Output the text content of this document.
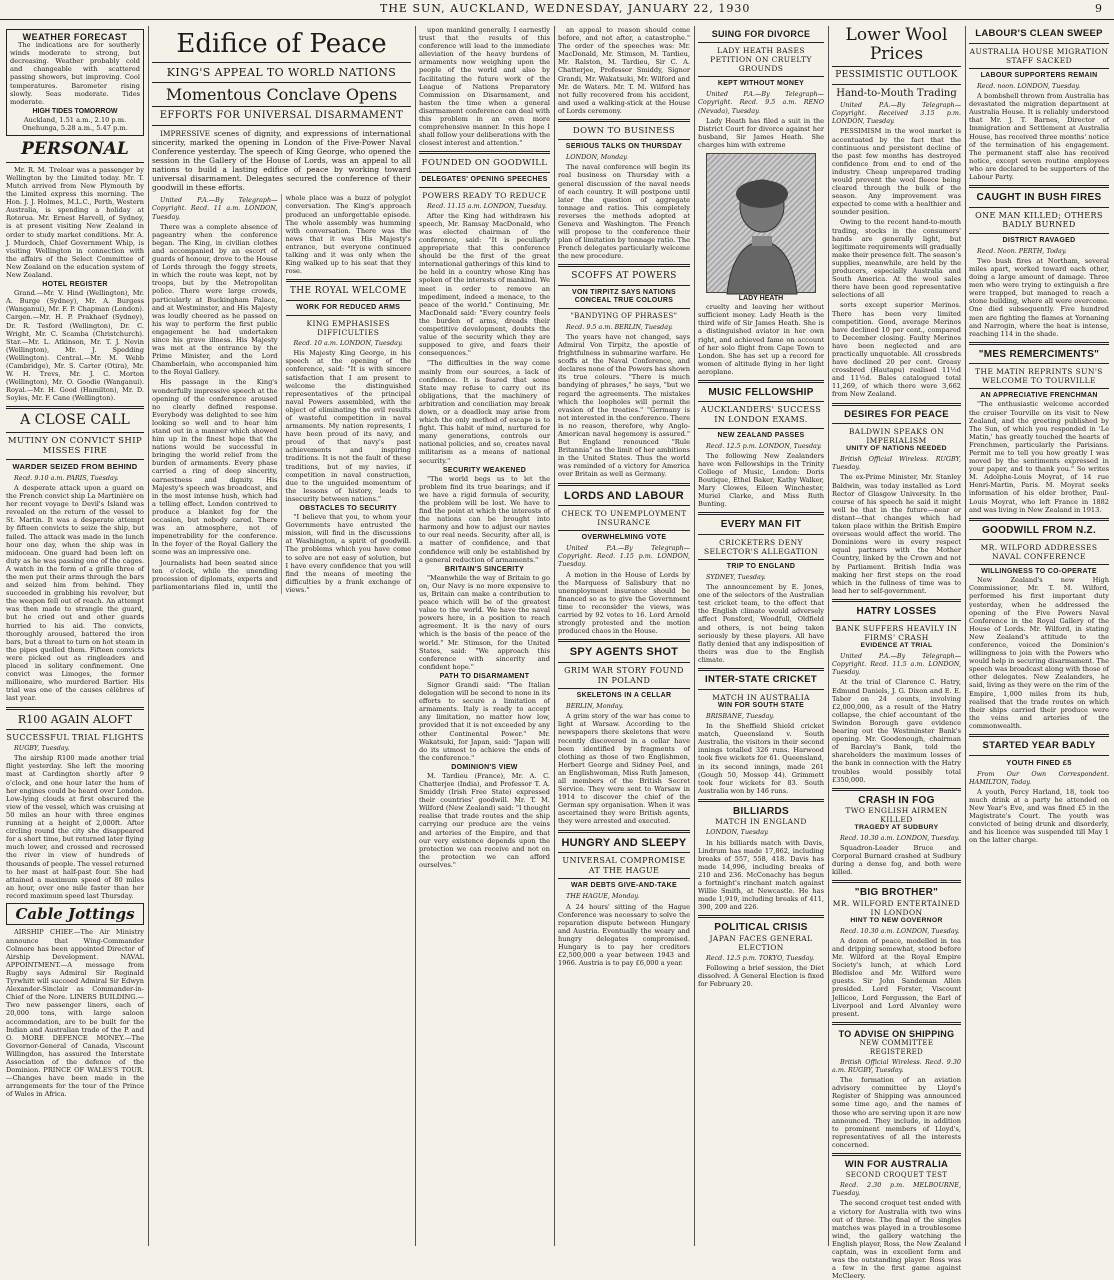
THE SUN, AUCKLAND, WEDNESDAY, JANUARY 22, 1930	9
WEATHER FORECAST

The indications are for southerly winds moderate to strong, but decreasing. Weather probably cold and changeable with scattered passing showers, but improving. Cool temperatures. Barometer rising slowly. Seas moderate. Tides moderate.

HIGH TIDES TOMORROW
Auckland, 1.51 a.m., 2.10 p.m.
Onehunga, 5.28 a.m., 5.47 p.m.
PERSONAL

Mr. R. M. Treloar was a passenger by Wellington by the Limited today. Mr. T. Mutch arrived from New Plymouth by the Limited express this morning. The Hon. J. J. Holmes, M.L.C., Perth, Western Australia, is spending a holiday at Rotorua. Mr. Ernest Harvell, of Sydney, is at present visiting New Zealand in order to study market conditions. Mr. A. J. Murdoch, Chief Government Whip, is visiting Wellington in connection with the affairs of the Select Committee of New Zealand on the education system of New Zealand.

HOTEL REGISTER

Grand.—Mr. V. Hind (Wellington), Mr. A. Burge (Sydney), Mr. A. Burgess (Wanganui), Mr. F. P. Chapman (London). Cargen.—Mr. H. P. Prakhaef (Sydney), Dr. R. Tesford (Wellington), Dr. C. Wright, Mr. C. Scamba (Christchurch). Star.—Mr. L. Atkinson, Mr. T. J. Nevin (Wellington), Mr. J. Spedding (Wellington). Central.—Mr. M. Webb (Cambridge), Mr. S. Carter (Otira), Mr. W. H. Trevs, Mr. J. C. Morton (Wellington), Mr. O. Goodie (Wanganui). Royal.—Mr. H. Good (Hamilton), Mr. D. Soyles, Mr. F. Cane (Wellington).

A CLOSE CALL
MUTINY ON CONVICT SHIP MISSES FIRE
WARDER SEIZED FROM BEHIND
Recd. 9.10 a.m. PARIS, Tuesday.

A desperate attack upon a guard on the French convict ship La Martinière on her recent voyage to Devil's Island was revealed on the return of the vessel to St. Martin. It was a desperate attempt by fifteen convicts to seize the ship, but failed. The attack was made in the lunch hour one day, when the ship was in midocean. One guard had been left on duty as he was passing one of the cages. A watch in the form of a grille three of the men put their arms through the bars and seized him from behind. They succeeded in grabbing his revolver, but the weapon fell out of reach. An attempt was then made to strangle the guard, but he cried out and other guards hurried to his aid. The convicts, thoroughly aroused, battered the iron bars, but a threat to turn on hot steam in the pipes quelled them. Fifteen convicts were picked out as ringleaders and placed in solitary confinement. One convict was Limoges, the former millionaire, who murdered Bartier. His trial was one of the causes célèbres of last year.

R100 AGAIN ALOFT
SUCCESSFUL TRIAL FLIGHTS
RUGBY, Tuesday.

The airship R100 made another trial flight yesterday. She left the mooring mast at Cardington shortly after 9 o'clock, and one hour later the hum of her engines could be heard over London. Low-lying clouds at first obscured the view of the vessel, which was cruising at 50 miles an hour with three engines running at a height of 2,000ft. After circling round the city she disappeared for a short time, but returned later flying much lower, and crossed and recrossed the river in view of hundreds of thousands of people. The vessel returned to her mast at half-past four. She had attained a maximum speed of 80 miles an hour, over one mile faster than her record maximum speed last Thursday.

Cable Jottings

AIRSHIP CHIEF.—The Air Ministry announce that Wing-Commander Colmore has been appointed Director of Airship Development. NAVAL APPOINTMENT.—A message from Rugby says Admiral Sir Reginald Tyrwhitt will succeed Admiral Sir Edwyn Alexander-Sinclair as Commander-in-Chief of the Nore. LINERS BUILDING.—Two new passenger liners, each of 20,000 tons, with large saloon accommodation, are to be built for the Indian and Australian trade of the P. and O. MORE DEFENCE MONEY.—The Governor-General of Canada, Viscount Willingdon, has assured the Interstate Association of the defence of the Dominion. PRINCE OF WALES'S TOUR.—Changes have been made in the arrangements for the tour of the Prince of Wales in Africa.

Edifice of Peace
KING'S APPEAL TO WORLD NATIONS
Momentous Conclave Opens
EFFORTS FOR UNIVERSAL DISARMAMENT

IMPRESSIVE scenes of dignity, and expressions of international sincerity, marked the opening in London of the Five-Power Naval Conference yesterday. The speech of King George, who opened the session in the Gallery of the House of Lords, was an appeal to all nations to build a lasting edifice of peace by working toward universal disarmament. Delegates secured the conference of their goodwill in these efforts.

United P.A.—By Telegraph—Copyright. Recd. 11 a.m. LONDON, Tuesday.

There was a complete absence of pageantry when the conference began. The King, in civilian clothes and accompanied by an escort of guards of honour, drove to the House of Lords through the foggy streets, in which the route was kept, not by troops, but by the Metropolitan police. There were large crowds, particularly at Buckingham Palace, and at Westminster, and His Majesty was loudly cheered as he passed on his way to perform the first public engagement he had undertaken since his grave illness. His Majesty was met at the entrance by the Prime Minister, and the Lord Chamberlain, who accompanied him to the Royal Gallery.

His passage in the King's wonderfully impressive speech at the opening of the conference aroused no clearly defined response. Everybody was delighted to see him looking so well and to hear him stand out in a manner which showed him up in the finest hope that the nations would be successful in bringing the world relief from the burden of armaments. Every phase carried a ring of deep sincerity, earnestness and dignity. His Majesty's speech was broadcast, and in the most intense hush, which had a telling effect. London contrived to produce a blanket fog for the occasion, but nobody cared. There was an atmosphere, not of impenetrability for the conference. In the foyer of the Royal Gallery the scene was an impressive one.

Journalists had been seated since ten o'clock, while the unending procession of diplomats, experts and parliamentarians filed in, until the whole place was a buzz of polyglot conversation. The King's approach produced an unforgettable episode. The whole assembly was humming with conversation. There was the news that it was His Majesty's entrance, but everyone continued talking and it was only when the King walked up to his seat that they rose.

THE ROYAL WELCOME
WORK FOR REDUCED ARMS
KING EMPHASISES DIFFICULTIES
Recd. 10 a.m. LONDON, Tuesday.

His Majesty King George, in his speech at the opening of the conference, said: "It is with sincere satisfaction that I am present to welcome the distinguished representatives of the principal naval Powers assembled, with the object of eliminating the evil results of wasteful competition in naval armaments. My nation represents, I have been proud of its navy, and proud of that navy's past achievements and inspiring traditions. It is not the fault of these traditions, but of my navies, if competition in naval construction, due to the unguided momentum of the lessons of history, leads to insecurity between nations."

OBSTACLES TO SECURITY

"I believe that you, to whom your Governments have entrusted the mission, will find in the discussions at Washington, a spirit of goodwill. The problems which you have come to solve are not easy of solution, but I have every confidence that you will find the means of meeting the difficulties by a frank exchange of views."

upon mankind generally. I earnestly trust that the results of this conference will lead to the immediate alleviation of the heavy burdens of armaments now weighing upon the people of the world and also by facilitating the future work of the League of Nations Preparatory Commission on Disarmament, and hasten the time when a general disarmament conference can deal with this problem in an even more comprehensive manner. In this hope I shall follow your deliberations with the closest interest and attention."

FOUNDED ON GOODWILL
DELEGATES' OPENING SPEECHES
POWERS READY TO REDUCE
Recd. 11.15 a.m. LONDON, Tuesday.

After the King had withdrawn his speech, Mr. Ramsay MacDonald, who was elected chairman of the conference, said: "It is peculiarly appropriate that this conference should be the first of the great international gatherings of this kind to be held in a country whose King has spoken of the interests of mankind. We meet in order to remove an impediment, indeed a menace, to the peace of the world." Continuing, Mr. MacDonald said: "Every country feels the burden of arms, dreads their competitive development, doubts the value of the security which they are supposed to give, and fears their consequences."

"The difficulties in the way come mainly from our sources, a lack of confidence. It is feared that some State may refuse to carry out its obligations, that the machinery of arbitration and conciliation may break down, or a deadlock may arise from which the only method of escape is to fight. This habit of mind, nurtured for many generations, controls our national policies, and so, creates naval militarism as a means of national security."

SECURITY WEAKENED

"The world begs us to let the problem find its true bearings; and if we have a rigid formula of security, the problem will be lost. We have to find the point at which the interests of the nations can be brought into harmony and how to adjust our navies to our real needs. Security, after all, is a matter of confidence, and that confidence will only be established by a general reduction of armaments."

BRITAIN'S SINCERITY

"Meanwhile the way of Britain to go on, Our Navy is no more expensive to us, Britain can make a contribution to peace which will be of the greatest value to the world. We have the naval powers here, in a position to reach agreement. It is the navy of ours which is the basis of the peace of the world." Mr. Stimson, for the United States, said: "We approach this conference with sincerity and confident hope."

PATH TO DISARMAMENT

Signor Grandi said: "The Italian delegation will be second to none in its efforts to secure a limitation of armaments. Italy is ready to accept any limitation, no matter how low, provided that it is not exceeded by any other Continental Power." Mr. Wakatsuki, for Japan, said: "Japan will do its utmost to achieve the ends of the conference."

DOMINION'S VIEW

M. Tardieu (France), Mr. A. C. Chatterjee (India), and Professor T. A. Smiddy (Irish Free State) expressed their countries' goodwill. Mr. T. M. Wilford (New Zealand) said: "I thought realise that trade routes and the ship carrying our produce are the veins and arteries of the Empire, and that our very existence depends upon the protection we can receive and not on the protection we can afford ourselves."

an appeal to reason should come before, and not after, a catastrophe." The order of the speeches was: Mr. MacDonald, Mr. Stimson, M. Tardieu, Mr. Ralston, M. Tardieu, Sir C. A. Chatterjee, Professor Smiddy, Signor Grandi, Mr. Wakatsuki, Mr. Wilford and Mr. de Waters. Mr. T. M. Wilford has not fully recovered from his accident, and used a walking-stick at the House of Lords ceremony.

DOWN TO BUSINESS
SERIOUS TALKS ON THURSDAY
LONDON, Monday.

The naval conference will begin its real business on Thursday with a general discussion of the naval needs of each country. It will postpone until later the question of aggregate tonnage and ratios. This completely reverses the methods adopted at Geneva and Washington. The French will propose to the conference their plan of limitation by tonnage ratio. The French delegates particularly welcome the new procedure.

SCOFFS AT POWERS
VON TIRPITZ SAYS NATIONS CONCEAL TRUE COLOURS
"BANDYING OF PHRASES"
Recd. 9.5 a.m. BERLIN, Tuesday.

The years have not changed, says Admiral Von Tirpitz, the apostle of frightfulness in submarine warfare. He scoffs at the Naval Conference, and declares none of the Powers has shown its true colours. "There is much bandying of phrases," he says, "but we regard the agreements. The mistakes which the loopholes will permit the evasion of the treaties." "Germany is not interested in the conference. There is no reason, therefore, why Anglo-American naval hegemony is assured." But England renounced "Rule Britannia" as the limit of her ambitions in the United States. Thus the world was reminded of a victory for America over Britain as well as Germany.

LORDS AND LABOUR
CHECK TO UNEMPLOYMENT INSURANCE
OVERWHELMING VOTE
United P.A.—By Telegraph—Copyright. Recd. 1.15 p.m. LONDON, Tuesday.

A motion in the House of Lords by the Marquess of Salisbury that no unemployment insurance should be financed so as to give the Government time to reconsider the views, was carried by 92 votes to 16. Lord Arnold strongly protested and the motion produced chaos in the House.

SPY AGENTS SHOT
GRIM WAR STORY FOUND IN POLAND
SKELETONS IN A CELLAR
BERLIN, Monday.

A grim story of the war has come to light at Warsaw. According to the newspapers there skeletons that were recently discovered in a cellar have been identified by fragments of clothing as those of two Englishmen, Herbert George and Sidney Peel, and an Englishwoman, Miss Ruth Jameson, all members of the British Secret Service. They were sent to Warsaw in 1914 to discover the chief of the German spy organisation. When it was ascertained they were British agents, they were arrested and executed.

HUNGRY AND SLEEPY
UNIVERSAL COMPROMISE AT THE HAGUE
WAR DEBTS GIVE-AND-TAKE
THE HAGUE, Monday.

A 24 hours' sitting of the Hague Conference was necessary to solve the reparation dispute between Hungary and Austria. Eventually the weary and hungry delegates compromised. Hungary is to pay her creditors £2,500,000 a year between 1943 and 1966. Austria is to pay £6,000 a year.

SUING FOR DIVORCE
LADY HEATH BASES PETITION ON CRUELTY GROUNDS
KEPT WITHOUT MONEY
United P.A.—By Telegraph—Copyright. Recd. 9.5 a.m. RENO (Nevada), Tuesday.

Lady Heath has filed a suit in the District Court for divorce against her husband, Sir James Heath. She charges him with extreme

LADY HEATH

cruelty and leaving her without sufficient money. Lady Heath is the third wife of Sir James Heath. She is a distinguished aviator in her own right, and achieved fame on account of her solo flight from Cape Town to London. She has set up a record for women of altitude flying in her light aeroplane.

MUSIC FELLOWSHIP
AUCKLANDERS' SUCCESS IN LONDON EXAMS.
NEW ZEALAND PASSES
Recd. 12.5 p.m. LONDON, Tuesday.

The following New Zealanders have won Fellowships in the Trinity College of Music, London: Doris Boutique, Ethel Baker, Kathy Walker, Mary Clowes, Eileen Winchester, Muriel Clarke, and Miss Ruth Bunting.

EVERY MAN FIT
CRICKETERS DENY SELECTOR'S ALLEGATION
TRIP TO ENGLAND
SYDNEY, Tuesday.

The announcement by E. Jones, one of the selectors of the Australian test cricket team, to the effect that the English climate would adversely affect Ponsford, Woodfull, Oldfield and others, is not being taken seriously by these players. All have flatly denied that any indisposition of theirs was due to the English climate.

INTER-STATE CRICKET
MATCH IN AUSTRALIA
WIN FOR SOUTH STATE
BRISBANE, Tuesday.

In the Sheffield Shield cricket match, Queensland v. South Australia, the visitors in their second innings totalled 326 runs. Harwood took five wickets for 61. Queensland, in its second innings, made 261 (Gough 50, Mossop 44). Grimmett took four wickets for 83. South Australia won by 146 runs.

BILLIARDS
MATCH IN ENGLAND
LONDON, Tuesday.

In his billiards match with Davis, Lindrum has made 17,862, including breaks of 557, 558, 418. Davis has made 14,996, including breaks of 210 and 236. McConachy has begun a fortnight's rinchant match against Willie Smith, at Newcastle. He has made 1,919, including breaks of 411, 390, 209 and 226.

POLITICAL CRISIS
JAPAN FACES GENERAL ELECTION
Recd. 12.5 p.m. TOKYO, Tuesday.

Following a brief session, the Diet dissolved. A General Election is fixed for February 20.

Lower Wool Prices
PESSIMISTIC OUTLOOK
Hand-to-Mouth Trading
United P.A.—By Telegraph—Copyright. Received 3.15 p.m. LONDON, Tuesday.

PESSIMISM in the wool market is accentuated by the fact that the continuous and persistent decline of the past few months has destroyed confidence from end to end of the industry. Cheap unprepared trading would prevent the wool fleece being cleared through the bulk of the season. Any improvement was expected to come with a healthier and sounder position.

Owing to the recent hand-to-mouth trading, stocks in the consumers' hands are generally light, but legitimate requirements will gradually make their presence felt. The season's supplies, meanwhile, are held by the producers, especially Australia and South America. At the wool sales there have been good representative selections of all

sorts except superior Merinos. There has been very limited competition. Good, average Merinos have declined 10 per cent., compared to December closing. Faulty Merinos have been neglected and are practically unquotable. All crossbreds have declined 20 per cent. Greasy crossbred (Hautapu) realised 11½d and 11½d. Bales catalogued total 11,269, of which there were 3,662 from New Zealand.

DESIRES FOR PEACE
BALDWIN SPEAKS ON IMPERIALISM
UNITY OF NATIONS NEEDED
British Official Wireless. RUGBY, Tuesday.

The ex-Prime Minister, Mr. Stanley Baldwin, was today installed as Lord Rector of Glasgow University. In the course of his speech he said it might well be that in the future—near or distant—that changes which had taken place within the British Empire overseas would affect the world. The Dominions were in every respect equal partners with the Mother Country, linked by the Crown and not by Parliament. British India was making her first steps on the road which in the fullness of time was to lead her to self-government.

HATRY LOSSES
BANK SUFFERS HEAVILY IN FIRMS' CRASH
EVIDENCE AT TRIAL
United P.A.—By Telegraph—Copyright. Recd. 11.5 a.m. LONDON, Tuesday.

At the trial of Clarence C. Hatry, Edmund Daniels, J. G. Dixon and E. E. Tabor on 24 counts, involving £2,000,000, as a result of the Hatry collapse, the chief accountant of the Swindon Borough gave evidence bearing out the Westminster Bank's opening. Mr. Goodenough, chairman of Barclay's Bank, told the shareholders the maximum losses of the bank in connection with the Hatry troubles would possibly total £350,000.

CRASH IN FOG
TWO ENGLISH AIRMEN KILLED
TRAGEDY AT SUDBURY
Recd. 10.30 a.m. LONDON, Tuesday.

Squadron-Leader Bruce and Corporal Burnard crashed at Sudbury during a dense fog, and both were killed.

"BIG BROTHER"
MR. WILFORD ENTERTAINED IN LONDON
HINT TO NEW GOVERNOR
Recd. 10.30 a.m. LONDON, Tuesday.

A dozen of peace, modelled in tea and dripping somewhat, stood before Mr. Wilford at the Royal Empire Society's lunch, at which Lord Bledisloe and Mr. Wilford were guests. Sir John Sandeman Allen presided. Lord Forster, Viscount Jellicoe, Lord Fergusson, the Earl of Liverpool and Lord Alvanley were present.

TO ADVISE ON SHIPPING
NEW COMMITTEE REGISTERED
British Official Wireless. Recd. 9.30 a.m. RUGBY, Tuesday.

The formation of an aviation advisory committee by Lloyd's Register of Shipping was announced some time ago, and the names of those who are serving upon it are now announced. They include, in addition to prominent members of Lloyd's, representatives of all the interests concerned.

WIN FOR AUSTRALIA
SECOND CROQUET TEST
Recd. 2.30 p.m. MELBOURNE, Tuesday.

The second croquet test ended with a victory for Australia with two wins out of three. The final of the singles matches was played in a troublesome wind, the gallery watching the English player, Ross, the New Zealand captain, was in excellent form and was the outstanding player. Ross was a few in the first game against McCleery.

LABOUR'S CLEAN SWEEP
AUSTRALIA HOUSE MIGRATION STAFF SACKED
LABOUR SUPPORTERS REMAIN
Recd. noon. LONDON, Tuesday.

A bombshell thrown from Australia has devastated the migration department at Australia House. It is reliably understood that Mr. J. T. Barnes, Director of Immigration and Settlement at Australia House, has received three months' notice of the termination of his engagement. The permanent staff also has received notice, except seven routine employees who are declared to be supporters of the Labour Party.

CAUGHT IN BUSH FIRES
ONE MAN KILLED; OTHERS BADLY BURNED
DISTRICT RAVAGED
Recd. Noon. PERTH, Today.

Two bush fires at Northam, several miles apart, worked toward each other, doing a large amount of damage. Three men who were trying to extinguish a fire were trapped, but managed to reach a stone building, where all were overcome. One died subsequently. Five hundred men are fighting the flames at Yornaning and Narrogin, where the heat is intense, reaching 114 in the shade.

"MES REMERCIMENTS"
THE MATIN REPRINTS SUN'S WELCOME TO TOURVILLE
AN APPRECIATIVE FRENCHMAN

"The enthusiastic welcome accorded the cruiser Tourville on its visit to New Zealand, and the greeting published by The Sun, of which you responded in 'Le Matin,' has greatly touched the hearts of Frenchmen, particularly the Parisians. Permit me to tell you how greatly I was moved by the sentiments expressed in your paper, and to thank you." So writes M. Adolphe-Louis Moyrat, of 14 rue Henri-Martin, Paris. M. Moyrat seeks information of his elder brother, Paul-Louis Moyrat, who left France in 1882 and was living in New Zealand in 1913.

GOODWILL FROM N.Z.
MR. WILFORD ADDRESSES NAVAL CONFERENCE
WILLINGNESS TO CO-OPERATE

New Zealand's new High Commissioner, Mr. T. M. Wilford, performed his first important duty yesterday, when he addressed the opening of the Five Powers Naval Conference in the Royal Gallery of the House of Lords. Mr. Wilford, in stating New Zealand's attitude to the conference, voiced the Dominion's willingness to join with the Powers who would help in securing disarmament. The speech was broadcast along with those of other delegates. New Zealanders, he said, living as they were on the rim of the Empire, 1,000 miles from its hub, realised that the trade routes on which their ships carried their produce were the veins and arteries of the commonwealth.

STARTED YEAR BADLY
YOUTH FINED £5
From Our Own Correspondent. HAMILTON, Today.

A youth, Percy Harland, 18, took too much drink at a party he attended on New Year's Eve, and was fined £5 in the Magistrate's Court. The youth was convicted of being drunk and disorderly, and his licence was suspended till May 1 on the latter charge.
